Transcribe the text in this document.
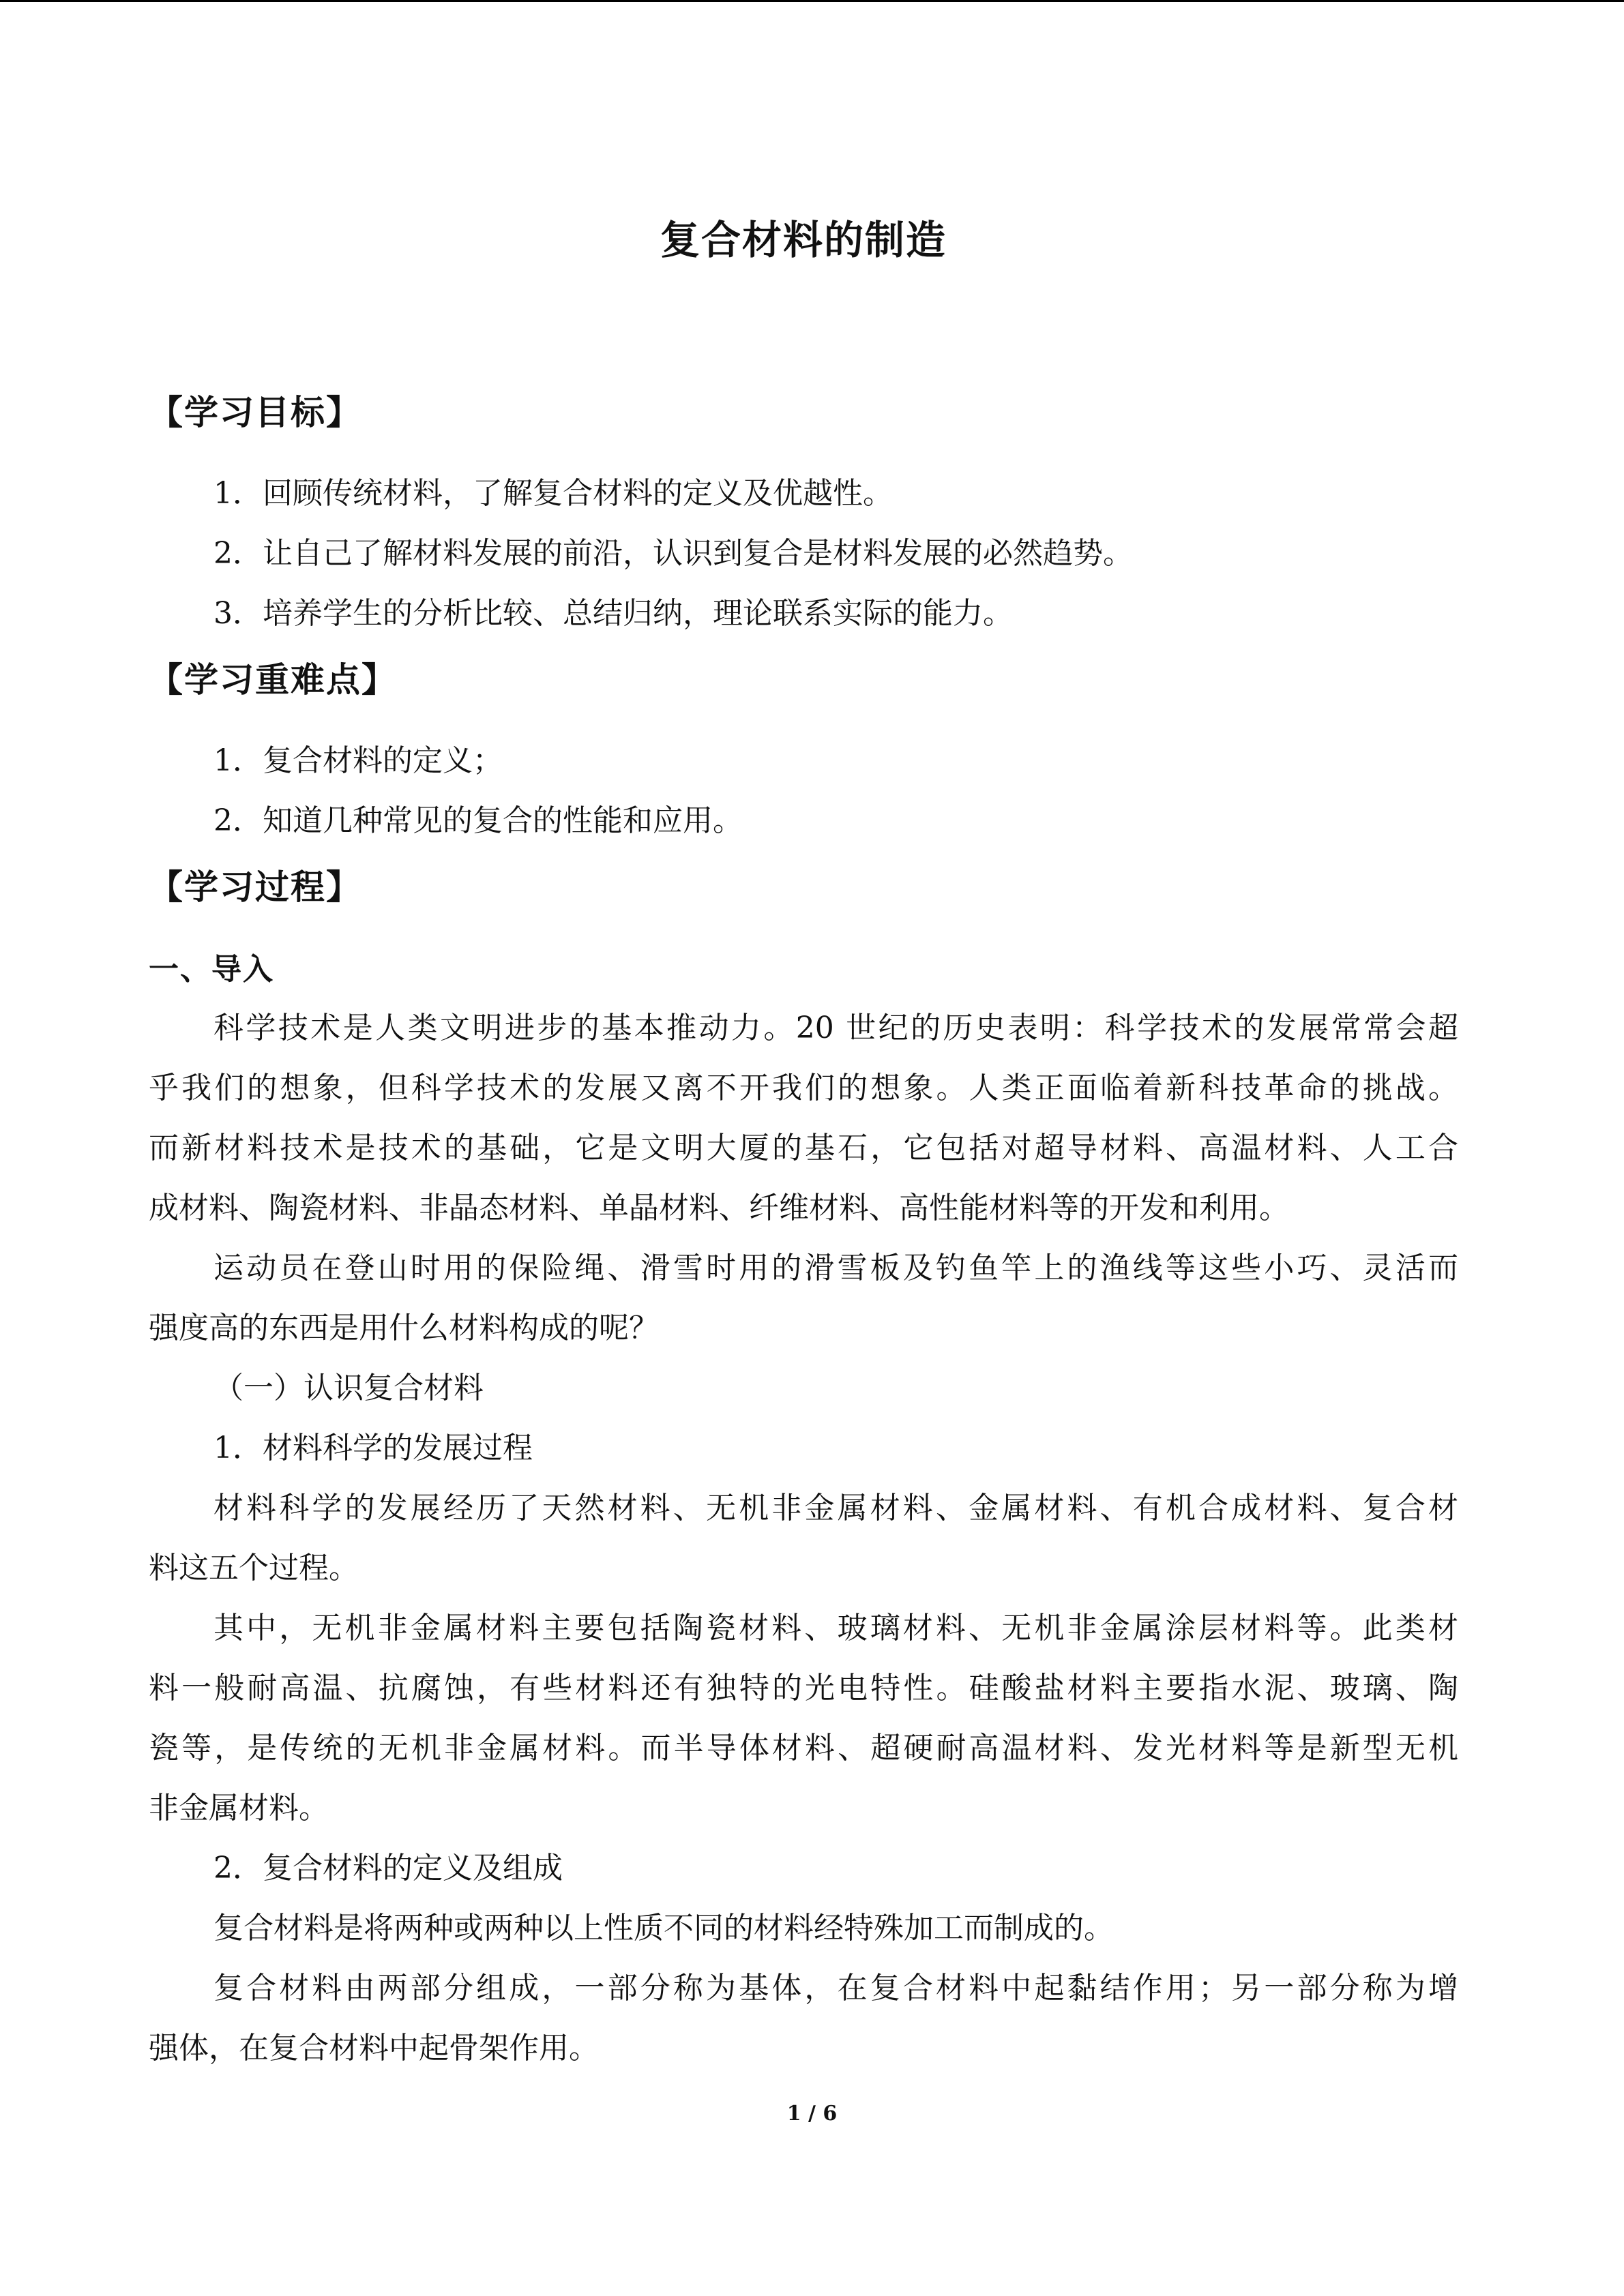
复合材料的制造
【学习目标】
1．回顾传统材料，了解复合材料的定义及优越性。
2．让自己了解材料发展的前沿，认识到复合是材料发展的必然趋势。
3．培养学生的分析比较、总结归纳，理论联系实际的能力。
【学习重难点】
1．复合材料的定义；
2．知道几种常见的复合的性能和应用。
【学习过程】
一、导入
科学技术是人类文明进步的基本推动力。20 世纪的历史表明：科学技术的发展常常会超
乎我们的想象，但科学技术的发展又离不开我们的想象。人类正面临着新科技革命的挑战。
而新材料技术是技术的基础，它是文明大厦的基石，它包括对超导材料、高温材料、人工合
成材料、陶瓷材料、非晶态材料、单晶材料、纤维材料、高性能材料等的开发和利用。
运动员在登山时用的保险绳、滑雪时用的滑雪板及钓鱼竿上的渔线等这些小巧、灵活而
强度高的东西是用什么材料构成的呢？
（一）认识复合材料
1．材料科学的发展过程
材料科学的发展经历了天然材料、无机非金属材料、金属材料、有机合成材料、复合材
料这五个过程。
其中，无机非金属材料主要包括陶瓷材料、玻璃材料、无机非金属涂层材料等。此类材
料一般耐高温、抗腐蚀，有些材料还有独特的光电特性。硅酸盐材料主要指水泥、玻璃、陶
瓷等，是传统的无机非金属材料。而半导体材料、超硬耐高温材料、发光材料等是新型无机
非金属材料。
2．复合材料的定义及组成
复合材料是将两种或两种以上性质不同的材料经特殊加工而制成的。
复合材料由两部分组成，一部分称为基体，在复合材料中起黏结作用；另一部分称为增
强体，在复合材料中起骨架作用。
1 / 6
